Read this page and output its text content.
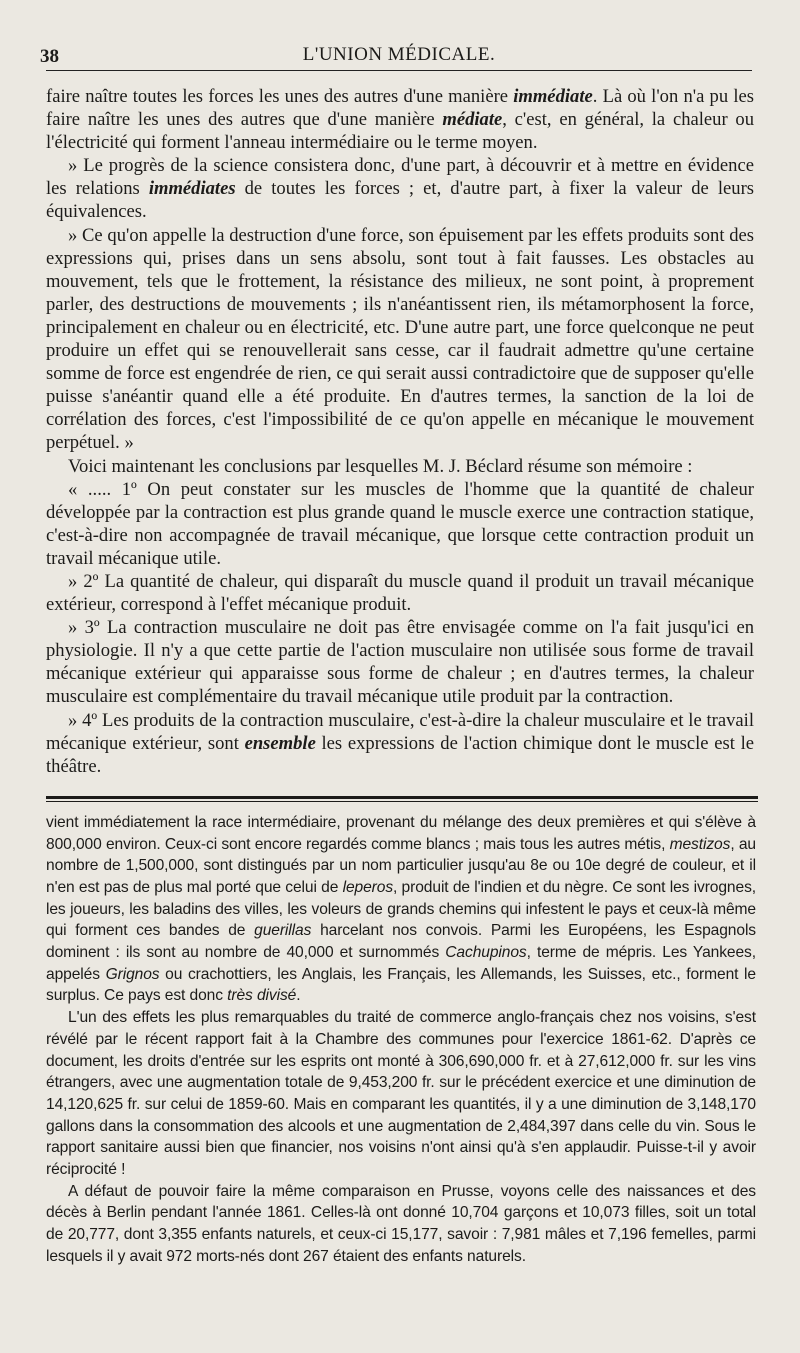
38	L'UNION MÉDICALE.

faire naître toutes les forces les unes des autres d'une manière immédiate. Là où l'on n'a pu les faire naître les unes des autres que d'une manière médiate, c'est, en général, la chaleur ou l'électricité qui forment l'anneau intermédiaire ou le terme moyen.

» Le progrès de la science consistera donc, d'une part, à découvrir et à mettre en évidence les relations immédiates de toutes les forces ; et, d'autre part, à fixer la valeur de leurs équivalences.

» Ce qu'on appelle la destruction d'une force, son épuisement par les effets produits sont des expressions qui, prises dans un sens absolu, sont tout à fait fausses. Les obstacles au mouvement, tels que le frottement, la résistance des milieux, ne sont point, à proprement parler, des destructions de mouvements ; ils n'anéantissent rien, ils métamorphosent la force, principalement en chaleur ou en électricité, etc. D'une autre part, une force quelconque ne peut produire un effet qui se renouvellerait sans cesse, car il faudrait admettre qu'une certaine somme de force est engendrée de rien, ce qui serait aussi contradictoire que de supposer qu'elle puisse s'anéantir quand elle a été produite. En d'autres termes, la sanction de la loi de corrélation des forces, c'est l'impossibilité de ce qu'on appelle en mécanique le mouvement perpétuel. »

Voici maintenant les conclusions par lesquelles M. J. Béclard résume son mémoire :

« ..... 1º On peut constater sur les muscles de l'homme que la quantité de chaleur développée par la contraction est plus grande quand le muscle exerce une contraction statique, c'est-à-dire non accompagnée de travail mécanique, que lorsque cette contraction produit un travail mécanique utile.

» 2º La quantité de chaleur, qui disparaît du muscle quand il produit un travail mécanique extérieur, correspond à l'effet mécanique produit.

» 3º La contraction musculaire ne doit pas être envisagée comme on l'a fait jusqu'ici en physiologie. Il n'y a que cette partie de l'action musculaire non utilisée sous forme de travail mécanique extérieur qui apparaisse sous forme de chaleur ; en d'autres termes, la chaleur musculaire est complémentaire du travail mécanique utile produit par la contraction.

» 4º Les produits de la contraction musculaire, c'est-à-dire la chaleur musculaire et le travail mécanique extérieur, sont ensemble les expressions de l'action chimique dont le muscle est le théâtre.

vient immédiatement la race intermédiaire, provenant du mélange des deux premières et qui s'élève à 800,000 environ. Ceux-ci sont encore regardés comme blancs ; mais tous les autres métis, mestizos, au nombre de 1,500,000, sont distingués par un nom particulier jusqu'au 8e ou 10e degré de couleur, et il n'en est pas de plus mal porté que celui de leperos, produit de l'indien et du nègre. Ce sont les ivrognes, les joueurs, les baladins des villes, les voleurs de grands chemins qui infestent le pays et ceux-là même qui forment ces bandes de guerillas harcelant nos convois. Parmi les Européens, les Espagnols dominent : ils sont au nombre de 40,000 et surnommés Cachupinos, terme de mépris. Les Yankees, appelés Grignos ou crachottiers, les Anglais, les Français, les Allemands, les Suisses, etc., forment le surplus. Ce pays est donc très divisé.

L'un des effets les plus remarquables du traité de commerce anglo-français chez nos voisins, s'est révélé par le récent rapport fait à la Chambre des communes pour l'exercice 1861-62. D'après ce document, les droits d'entrée sur les esprits ont monté à 306,690,000 fr. et à 27,612,000 fr. sur les vins étrangers, avec une augmentation totale de 9,453,200 fr. sur le précédent exercice et une diminution de 14,120,625 fr. sur celui de 1859-60. Mais en comparant les quantités, il y a une diminution de 3,148,170 gallons dans la consommation des alcools et une augmentation de 2,484,397 dans celle du vin. Sous le rapport sanitaire aussi bien que financier, nos voisins n'ont ainsi qu'à s'en applaudir. Puisse-t-il y avoir réciprocité !

A défaut de pouvoir faire la même comparaison en Prusse, voyons celle des naissances et des décès à Berlin pendant l'année 1861. Celles-là ont donné 10,704 garçons et 10,073 filles, soit un total de 20,777, dont 3,355 enfants naturels, et ceux-ci 15,177, savoir : 7,981 mâles et 7,196 femelles, parmi lesquels il y avait 972 morts-nés dont 267 étaient des enfants naturels.
